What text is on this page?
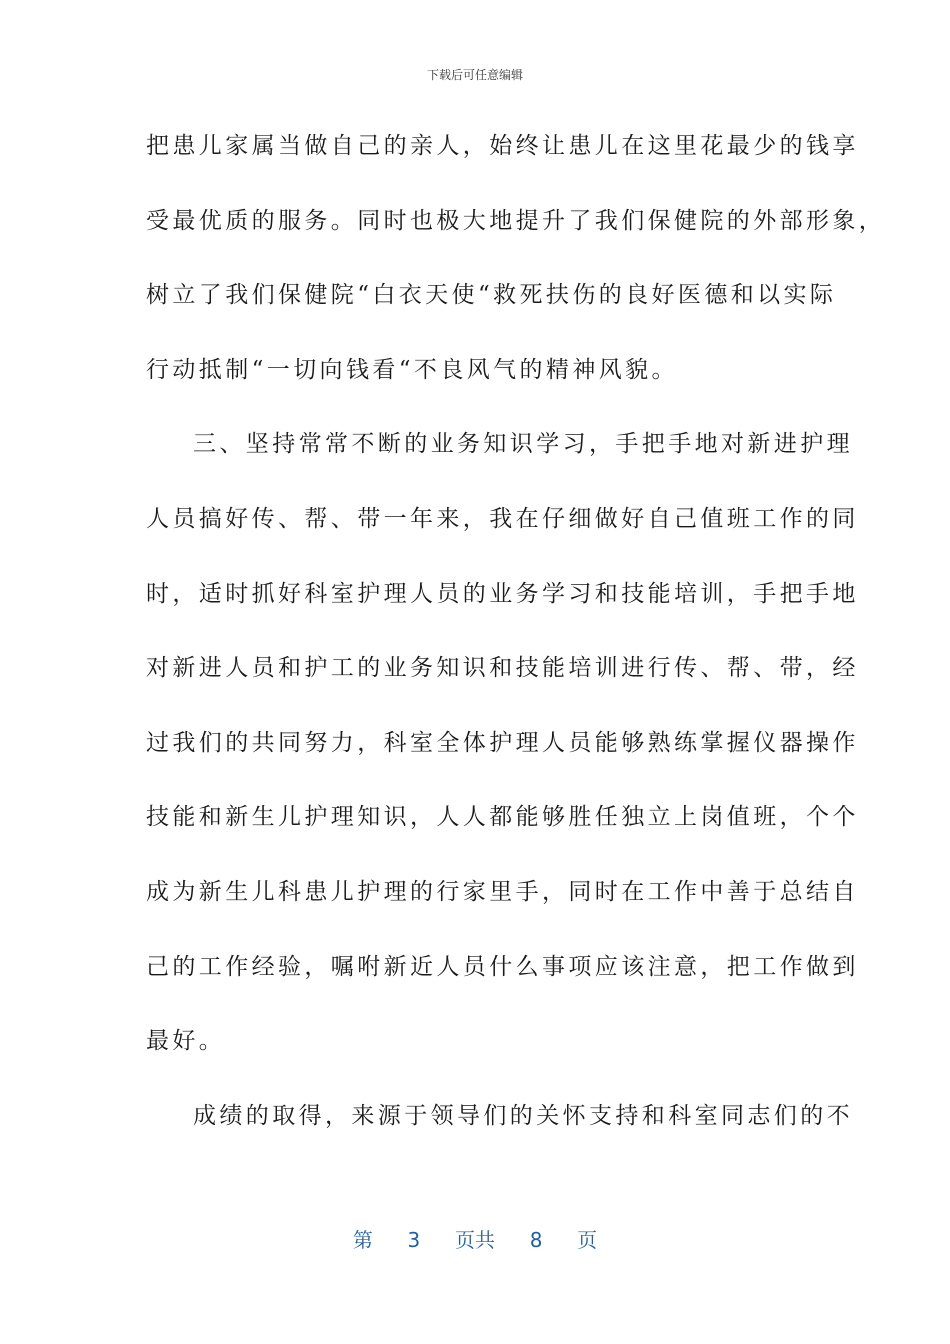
下载后可任意编辑
把患儿家属当做自己的亲人，始终让患儿在这里花最少的钱享
受最优质的服务。同时也极大地提升了我们保健院的外部形象，
树立了我们保健院“白衣天使“救死扶伤的良好医德和以实际
行动抵制“一切向钱看“不良风气的精神风貌。
三、坚持常常不断的业务知识学习，手把手地对新进护理
人员搞好传、帮、带一年来，我在仔细做好自己值班工作的同
时，适时抓好科室护理人员的业务学习和技能培训，手把手地
对新进人员和护工的业务知识和技能培训进行传、帮、带，经
过我们的共同努力，科室全体护理人员能够熟练掌握仪器操作
技能和新生儿护理知识，人人都能够胜任独立上岗值班，个个
成为新生儿科患儿护理的行家里手，同时在工作中善于总结自
己的工作经验，嘱咐新近人员什么事项应该注意，把工作做到
最好。
成绩的取得，来源于领导们的关怀支持和科室同志们的不
第 3 页共 8 页
